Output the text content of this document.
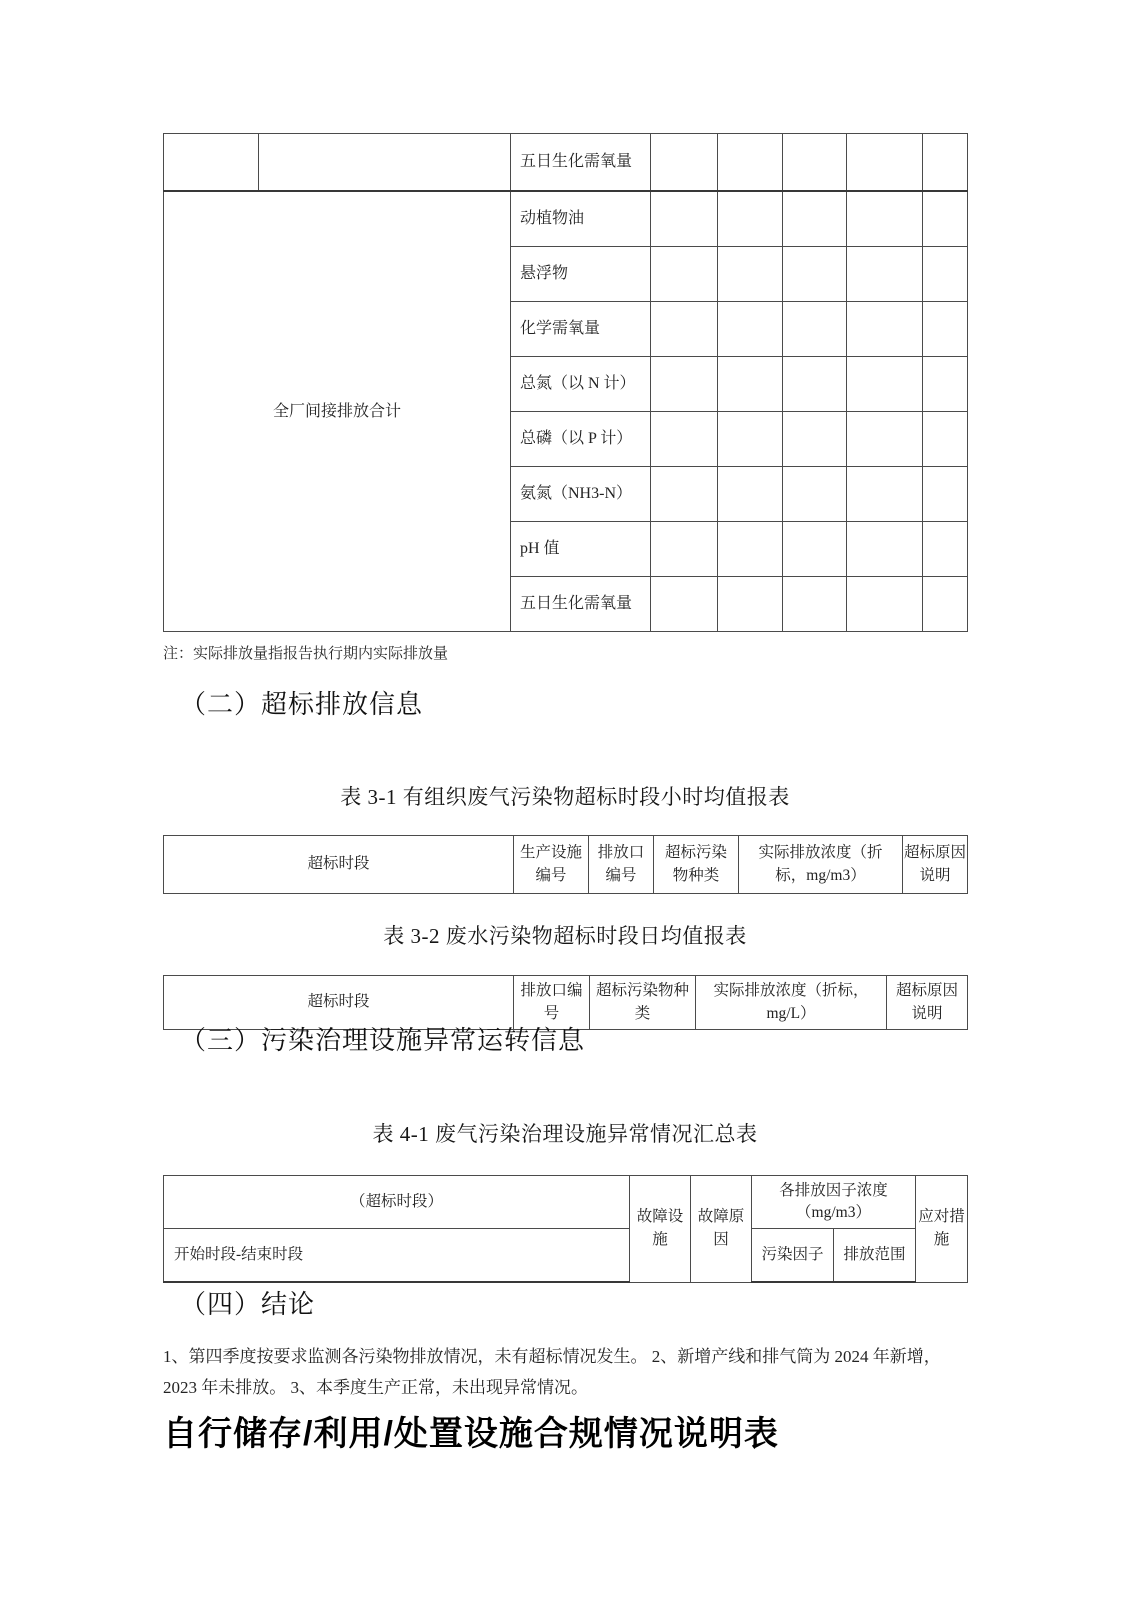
		五日生化需氧量					
全厂间接排放合计		动植物油					
		悬浮物					
		化学需氧量					
		总氮（以 N 计）					
		总磷（以 P 计）					
		氨氮（NH3-N）					
		pH 值					
		五日生化需氧量					
注：实际排放量指报告执行期内实际排放量
（二）超标排放信息
表 3-1 有组织废气污染物超标时段小时均值报表
超标时段	生产设施编号	排放口编号	超标污染物种类	实际排放浓度（折标，mg/m3）	超标原因说明
表 3-2 废水污染物超标时段日均值报表
超标时段	排放口编号	超标污染物种类	实际排放浓度（折标，mg/L）	超标原因说明
（三）污染治理设施异常运转信息
表 4-1 废气污染治理设施异常情况汇总表
（超标时段）	故障设施	故障原因	各排放因子浓度（mg/m3）		应对措施
开始时段-结束时段			污染因子	排放范围	
（四）结论
1、第四季度按要求监测各污染物排放情况，未有超标情况发生。 2、新增产线和排气筒为 2024 年新增，2023 年未排放。 3、本季度生产正常，未出现异常情况。
自行储存/利用/处置设施合规情况说明表
